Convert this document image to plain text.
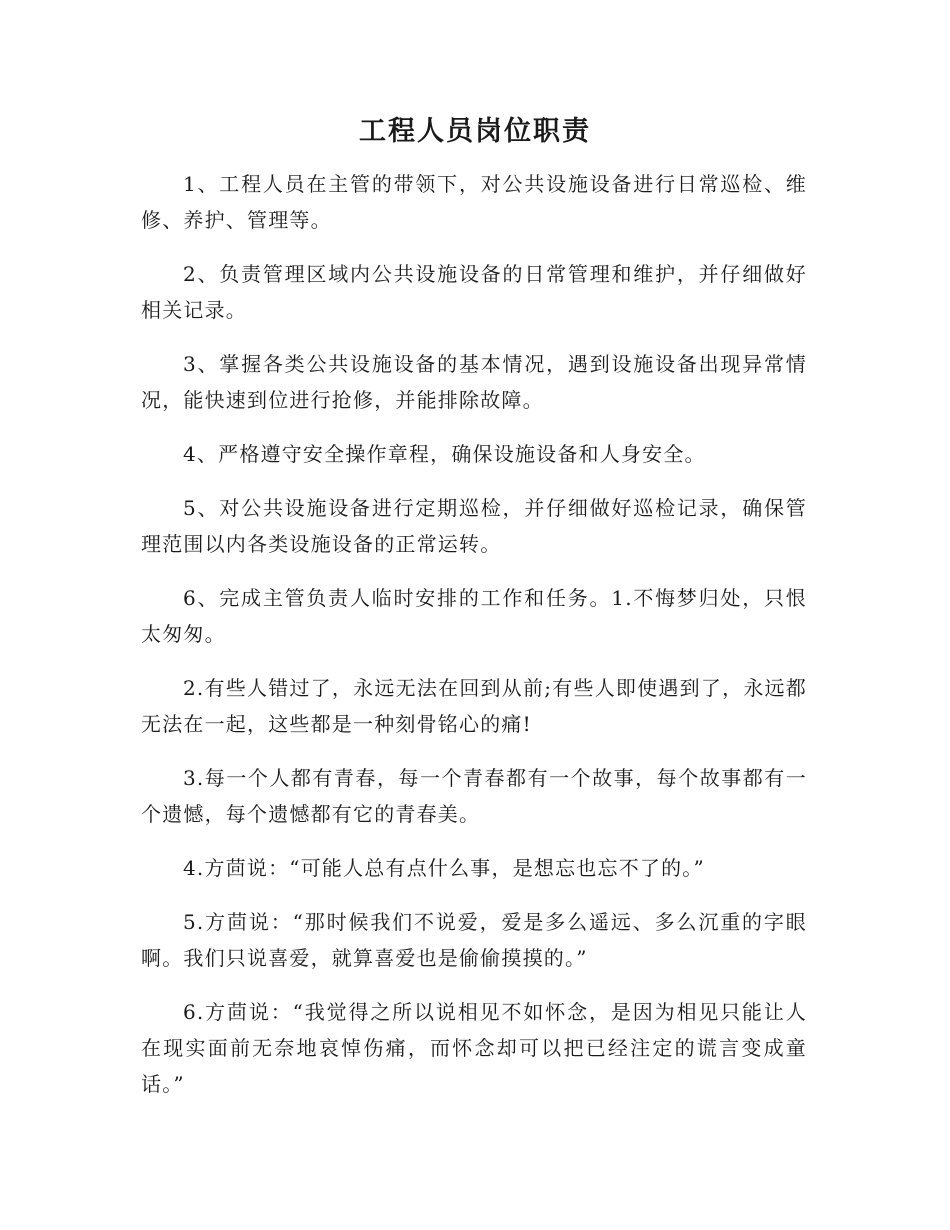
工程人员岗位职责

1、工程人员在主管的带领下，对公共设施设备进行日常巡检、维修、养护、管理等。

2、负责管理区域内公共设施设备的日常管理和维护，并仔细做好相关记录。

3、掌握各类公共设施设备的基本情况，遇到设施设备出现异常情况，能快速到位进行抢修，并能排除故障。

4、严格遵守安全操作章程，确保设施设备和人身安全。

5、对公共设施设备进行定期巡检，并仔细做好巡检记录，确保管理范围以内各类设施设备的正常运转。

6、完成主管负责人临时安排的工作和任务。1.不悔梦归处，只恨太匆匆。

2.有些人错过了，永远无法在回到从前;有些人即使遇到了，永远都无法在一起，这些都是一种刻骨铭心的痛!

3.每一个人都有青春，每一个青春都有一个故事，每个故事都有一个遗憾，每个遗憾都有它的青春美。

4.方茴说：“可能人总有点什么事，是想忘也忘不了的。”

5.方茴说：“那时候我们不说爱，爱是多么遥远、多么沉重的字眼啊。我们只说喜爱，就算喜爱也是偷偷摸摸的。”

6.方茴说：“我觉得之所以说相见不如怀念，是因为相见只能让人在现实面前无奈地哀悼伤痛，而怀念却可以把已经注定的谎言变成童话。”
